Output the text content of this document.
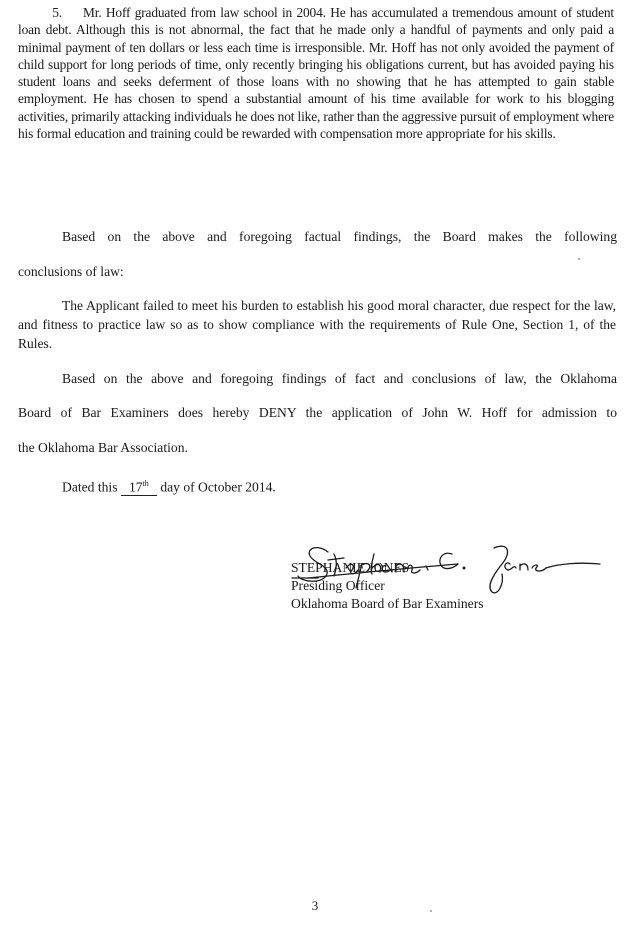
5. Mr. Hoff graduated from law school in 2004. He has accumulated a tremendous amount of student loan debt. Although this is not abnormal, the fact that he made only a handful of payments and only paid a minimal payment of ten dollars or less each time is irresponsible. Mr. Hoff has not only avoided the payment of child support for long periods of time, only recently bringing his obligations current, but has avoided paying his student loans and seeks deferment of those loans with no showing that he has attempted to gain stable employment. He has chosen to spend a substantial amount of his time available for work to his blogging activities, primarily attacking individuals he does not like, rather than the aggressive pursuit of employment where his formal education and training could be rewarded with compensation more appropriate for his skills.
Based on the above and foregoing factual findings, the Board makes the following
conclusions of law:
The Applicant failed to meet his burden to establish his good moral character, due respect for the law, and fitness to practice law so as to show compliance with the requirements of Rule One, Section 1, of the Rules.
Based on the above and foregoing findings of fact and conclusions of law, the Oklahoma
Board of Bar Examiners does hereby DENY the application of John W. Hoff for admission to
the Oklahoma Bar Association.
Dated this 17th day of October 2014.
STEPHANIE JONES
Presiding Officer
Oklahoma Board of Bar Examiners
3
